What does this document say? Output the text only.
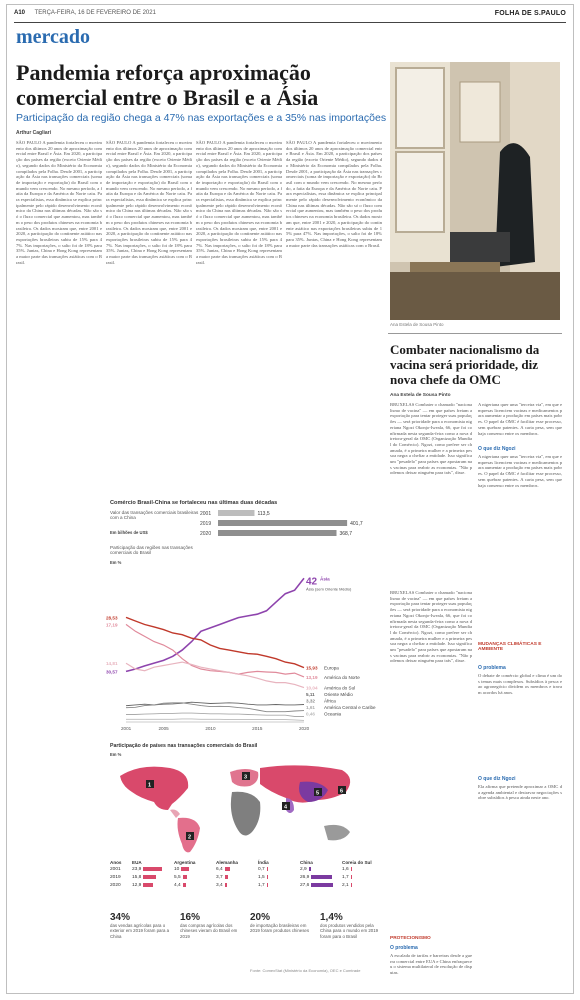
A10 TERÇA-FEIRA, 16 DE FEVEREIRO DE 2021	FOLHA DE S.PAULO
mercado
Pandemia reforça aproximação comercial entre o Brasil e a Ásia
Participação da região chega a 47% nas exportações e a 35% nas importações
Arthur Cagliari
SÃO PAULO A pandemia fortaleceu o movimento dos últimos 20 anos de aproximação comercial entre Brasil e Ásia. Em 2020, a participação dos países da região (exceto Oriente Médio), segundo dados do Ministério da Economia compilados pela Folha. Desde 2001, a participação da Ásia nas transações comerciais (soma de importação e exportação) do Brasil com o mundo vem crescendo. No mesmo período, a fatia da Europa e da América do Norte caiu. Para especialistas, essa dinâmica se explica principalmente pelo rápido desenvolvimento econômico da China nas últimas décadas. Não são só o fluxo comercial que aumentou, mas também o peso dos produtos chineses na economia brasileira. Os dados mostram que, entre 2001 e 2020, a participação do continente asiático nas exportações brasileiras subiu de 15% para 47%. Nas importações, o salto foi de 18% para 35%. Juntas, China e Hong Kong representam a maior parte das transações asiáticas com o Brasil.
SÃO PAULO A pandemia fortaleceu o movimento dos últimos 20 anos de aproximação comercial entre Brasil e Ásia. Em 2020, a participação dos países da região (exceto Oriente Médio), segundo dados do Ministério da Economia compilados pela Folha. Desde 2001, a participação da Ásia nas transações comerciais (soma de importação e exportação) do Brasil com o mundo vem crescendo. No mesmo período, a fatia da Europa e da América do Norte caiu. Para especialistas, essa dinâmica se explica principalmente pelo rápido desenvolvimento econômico da China nas últimas décadas. Não são só o fluxo comercial que aumentou, mas também o peso dos produtos chineses na economia brasileira. Os dados mostram que, entre 2001 e 2020, a participação do continente asiático nas exportações brasileiras subiu de 15% para 47%. Nas importações, o salto foi de 18% para 35%. Juntas, China e Hong Kong representam a maior parte das transações asiáticas com o Brasil.
SÃO PAULO A pandemia fortaleceu o movimento dos últimos 20 anos de aproximação comercial entre Brasil e Ásia. Em 2020, a participação dos países da região (exceto Oriente Médio), segundo dados do Ministério da Economia compilados pela Folha. Desde 2001, a participação da Ásia nas transações comerciais (soma de importação e exportação) do Brasil com o mundo vem crescendo. No mesmo período, a fatia da Europa e da América do Norte caiu. Para especialistas, essa dinâmica se explica principalmente pelo rápido desenvolvimento econômico da China nas últimas décadas. Não são só o fluxo comercial que aumentou, mas também o peso dos produtos chineses na economia brasileira. Os dados mostram que, entre 2001 e 2020, a participação do continente asiático nas exportações brasileiras subiu de 15% para 47%. Nas importações, o salto foi de 18% para 35%. Juntas, China e Hong Kong representam a maior parte das transações asiáticas com o Brasil.
SÃO PAULO A pandemia fortaleceu o movimento dos últimos 20 anos de aproximação comercial entre Brasil e Ásia. Em 2020, a participação dos países da região (exceto Oriente Médio), segundo dados do Ministério da Economia compilados pela Folha. Desde 2001, a participação da Ásia nas transações comerciais (soma de importação e exportação) do Brasil com o mundo vem crescendo. No mesmo período, a fatia da Europa e da América do Norte caiu. Para especialistas, essa dinâmica se explica principalmente pelo rápido desenvolvimento econômico da China nas últimas décadas. Não são só o fluxo comercial que aumentou, mas também o peso dos produtos chineses na economia brasileira. Os dados mostram que, entre 2001 e 2020, a participação do continente asiático nas exportações brasileiras subiu de 15% para 47%. Nas importações, o salto foi de 18% para 35%. Juntas, China e Hong Kong representam a maior parte das transações asiáticas com o Brasil.
Ana Estela de Sousa Pinto
Combater nacionalismo da vacina será prioridade, diz nova chefe da OMC
Ana Estela de Sousa Pinto
BRUXELAS Combater o chamado "nacionalismo de vacina" — em que países freiam a exportação para tentar proteger suas populações — será prioridade para a economista nigeriana Ngozi Okonjo-Iweala, 66, que foi confirmada nesta segunda-feira como a nova diretora-geral da OMC (Organização Mundial do Comércio). Ngozi, como prefere ser chamada, é a primeira mulher e a primeira pessoa negra a chefiar a entidade. Isso significa um "pesadelo" para países que apostaram nas vacinas para reabrir as economias. "Não podemos deixar ninguém para trás", disse.
BRUXELAS Combater o chamado "nacionalismo de vacina" — em que países freiam a exportação para tentar proteger suas populações — será prioridade para a economista nigeriana Ngozi Okonjo-Iweala, 66, que foi confirmada nesta segunda-feira como a nova diretora-geral da OMC (Organização Mundial do Comércio). Ngozi, como prefere ser chamada, é a primeira mulher e a primeira pessoa negra a chefiar a entidade. Isso significa um "pesadelo" para países que apostaram nas vacinas para reabrir as economias. "Não podemos deixar ninguém para trás", disse.
A nigeriana quer uma "terceira via", em que empresas licenciem vacinas e medicamentos para aumentar a produção em países mais pobres. O papel da OMC é facilitar esse processo, sem quebrar patentes. A carta pesa, sem que haja consenso entre os membros.
O que diz Ngozi
A nigeriana quer uma "terceira via", em que empresas licenciem vacinas e medicamentos para aumentar a produção em países mais pobres. O papel da OMC é facilitar esse processo, sem quebrar patentes. A carta pesa, sem que haja consenso entre os membros.
MUDANÇAS CLIMÁTICAS E AMBIENTE
O problema
O debate de comércio global e clima é um dos temas mais complexos. Subsídios à pesca e ao agronegócio dividem os membros e travam acordos há anos.
O que diz Ngozi
Ela afirma que pretende aproximar a OMC da agenda ambiental e destravar negociações sobre subsídios à pesca ainda neste ano.
PROTECIONISMO
O problema
A escalada de tarifas e barreiras desde a guerra comercial entre EUA e China enfraqueceu o sistema multilateral de resolução de disputas.
Comércio Brasil-China se fortaleceu nas últimas duas décadas
Valor das transações comerciais brasileiras com a China
Em bilhões de US$
2001	113,5
2019	401,7
2020	368,7
Participação das regiões nas transações comerciais do Brasil
Em %
2001	2005	2010	2015	2020
30,57
28,53
17,19
14,81
42 Ásia
Ásia (sem Oriente Médio)
15,93 Europa
13,19 América do Norte
10,04 América do Sul
5,11 Oriente Médio
3,32 África
1,61 América Central e Caribe
0,46 Oceania
Participação de países nas transações comerciais do Brasil
Em %
1
2
3
4
5	6
Anos	EUA	Argentina	Alemanha	Índia	China	Coreia do Sul
2001 23,9	10	6,4	0,7	2,9	1,6
2019 15,8	5,5	3,7	1,5	26,9	1,7
2020 12,9	4,4	3,4	1,7	27,6	2,1
34%
das vendas agrícolas para o exterior em 2019 foram para a China
16%
das compras agrícolas dos chineses vieram do Brasil em 2019
20%
de importação brasileiras em 2019 foram produtos chineses
1,4%
dos produtos vendidos pela China para o mundo em 2019 foram para o Brasil
Fonte: ComexStat (Ministério da Economia), OEC e Comtrade
